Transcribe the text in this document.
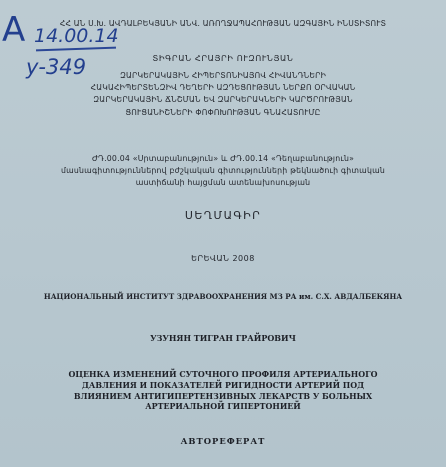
ՀՀ ԱՆ Ս.Խ. ԱՎԴԱԼԲԵԿՅԱՆԻ ԱՆՎ. ԱՌՈՂՋԱՊԱՀՈՒԹՅԱՆ ԱԶԳԱՅԻՆ ԻՆՍՏԻՏՈՒՏ
A 14.00.14
у-349	ՏԻԳՐԱՆ ՀՐԱՅՐԻ ՈՒԶՈՒՆՅԱՆ
ԶԱՐԿԵՐԱԿԱՅԻՆ ՀԻՊԵՐՏՈՆԻԱՅՈՎ ՀԻՎԱՆԴՆԵՐԻ
ՀԱԿԱՀԻՊԵՐՏԵՆԶԻՎ ԴԵՂԵՐԻ ԱԶԴԵՑՈՒԹՅԱՆ ՆԵՐՔՈ ՕՐՎԱԿԱՆ
ԶԱՐԿԵՐԱԿԱՅԻՆ ՃՆՇՄԱՆ ԵՎ ԶԱՐԿԵՐԱԿՆԵՐԻ ԿԱՐԾՐՈՒԹՅԱՆ
ՑՈՒՑԱՆԻՇՆԵՐԻ ՓՈՓՈԽՈՒԹՅԱՆ ԳՆԱՀԱՏՈՒՄԸ
ԺԴ.00.04 «Սրտաբանություն» և ԺԴ.00.14 «Դեղաբանություն»
մասնագիտություններով բժշկական գիտությունների թեկնածուի գիտական
աստիճանի հայցման ատենախոսության
ՍԵՂՄԱԳԻՐ
ԵՐԵՎԱՆ 2008
НАЦИОНАЛЬНЫЙ ИНСТИТУТ ЗДРАВООХРАНЕНИЯ МЗ РА им. С.Х. АВДАЛБЕКЯНА
УЗУНЯН ТИГРАН ГРАЙРОВИЧ
ОЦЕНКА ИЗМЕНЕНИЙ СУТОЧНОГО ПРОФИЛЯ АРТЕРИАЛЬНОГО
ДАВЛЕНИЯ И ПОКАЗАТЕЛЕЙ РИГИДНОСТИ АРТЕРИЙ ПОД
ВЛИЯНИЕМ АНТИГИПЕРТЕНЗИВНЫХ ЛЕКАРСТВ У БОЛЬНЫХ
АРТЕРИАЛЬНОЙ ГИПЕРТОНИЕЙ
АВТОРЕФЕРАТ
